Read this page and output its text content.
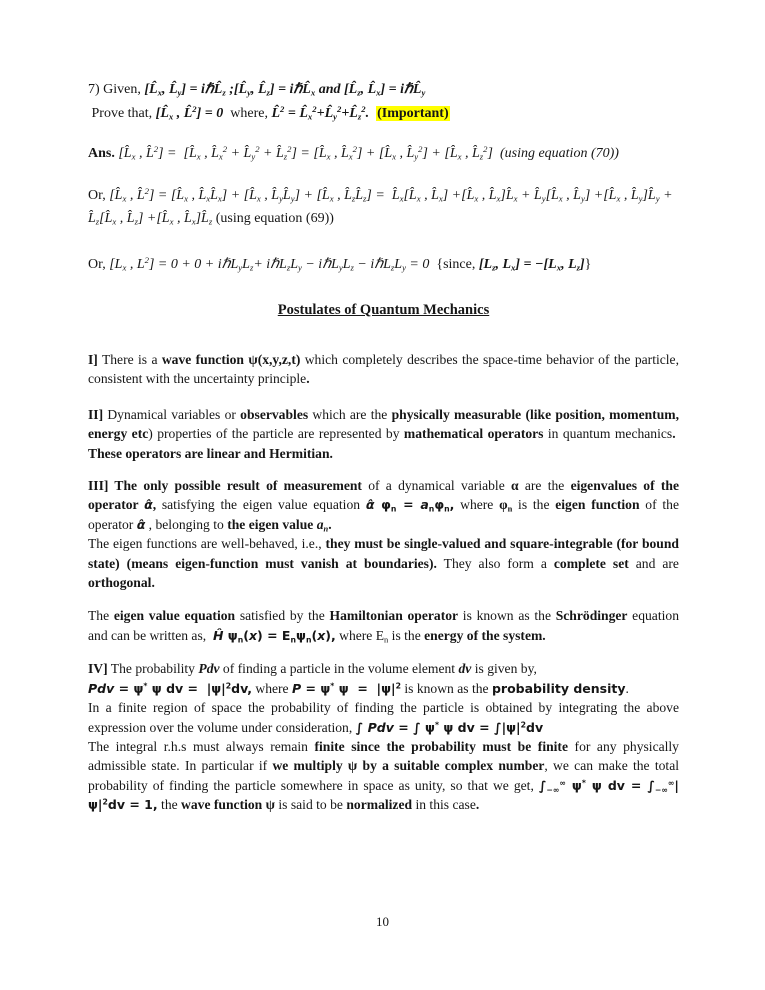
7) Given, [$L̂_x$, $L̂_y$] = $i\hbar L̂_z$ $;[L̂_y$, $L̂_z$] = $i\hbar L̂_x$ and [$L̂_z$, $L̂_x$] = $i\hbar L̂_y$

Prove that, [$L̂_x$ , L̂$^2$] = 0  where, L̂$^2$ = $L̂_x^2+L̂_y^2+L̂_z^2$. (Important)

Ans. [$L̂_x$ , L̂$^2$] =  [$L̂_x$ , $L̂_x^2$ + $L̂_y^2$ + $L̂_z^2$] = [$L̂_x$ , $L̂_x^2$] + [$L̂_x$ , $L̂_y^2$] + [$L̂_x$ , $L̂_z^2$] (using equation (70))

Or, [$L̂_x$ , L̂$^2$] = [$L̂_x$ , $L̂_xL̂_x$] + [$L̂_x$ , $L̂_yL̂_y$] + [$L̂_x$ , $L̂_zL̂_z$] =  $L̂_x[L̂_x$ , $L̂_x$] $+[L̂_x$ , $L̂_x]L̂_x$ + $L̂_y[L̂_x$ , $L̂_y$] $+[L̂_x$ , $L̂_y]L̂_y$ + $L̂_z[L̂_x$ , $L̂_z$] $+[L̂_x$ , $L̂_x]L̂_z$ (using equation (69))

Or, [$L_x$ , $L^2] = 0 + 0$ + $i\hbar L_yL_z+$ $i\hbar L_zL_y$ − $i\hbar L_yL_z$ − $i\hbar L_zL_y = 0$  {since, [$L_z$, $L_x] = -[L_x$, $L_z$]}

Postulates of Quantum Mechanics

I] There is a wave function ψ(x,y,z,t) which completely describes the space-time behavior of the particle, consistent with the uncertainty principle.

II] Dynamical variables or observables which are the physically measurable (like position, momentum, energy etc) properties of the particle are represented by mathematical operators in quantum mechanics.  These operators are linear and Hermitian.

III] The only possible result of measurement of a dynamical variable α are the eigenvalues of the operator α̂, satisfying the eigen value equation α̂ $\varphi_n = a_n\varphi_n$, where $\varphi_n$ is the eigen function of the operator α̂ , belonging to the eigen value $a_n$.

The eigen functions are well-behaved, i.e., they must be single-valued and square-integrable (for bound state) (means eigen-function must vanish at boundaries). They also form a complete set and are orthogonal.

The eigen value equation satisfied by the Hamiltonian operator is known as the Schrödinger equation and can be written as,  Ĥ $\psi_n(x) = E_n\psi_n(x)$, where $E_n$ is the energy of the system.

IV] The probability Pdv of finding a particle in the volume element dv is given by,

Pdv = ψ* ψ dv =  $|\psi|^2dv$, where P = ψ* $\psi = |\psi|^2$ is known as the probability density.

In a finite region of space the probability of finding the particle is obtained by integrating the above expression over the volume under consideration, ∫ Pdv = ∫ ψ* ψ dv = $\int|\psi|^2dv$

The integral r.h.s must always remain finite since the probability must be finite for any physically admissible state. In particular if we multiply ψ by a suitable complex number, we can make the total probability of finding the particle somewhere in space as unity, so that we get, $\int_{-\infty}^\infty$ ψ* ψ dv = $\int_{-\infty}^\infty|\psi|^2dv = 1$, the wave function ψ is said to be normalized in this case.

10
